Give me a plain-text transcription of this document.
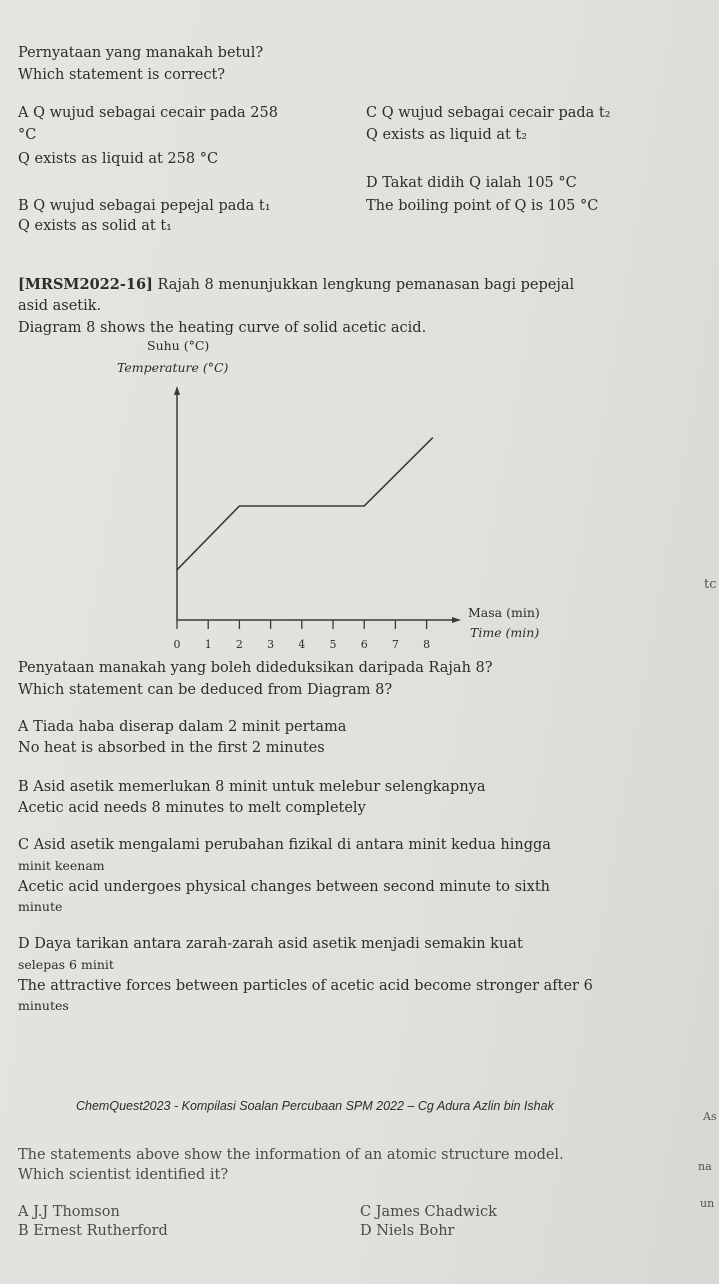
Pernyataan yang manakah betul?
Which statement is correct?
A Q wujud sebagai cecair pada 258
°C
Q exists as liquid at 258 °C
B Q wujud sebagai pepejal pada t₁
Q exists as solid at t₁
C Q wujud sebagai cecair pada t₂
Q exists as liquid at t₂
D Takat didih Q ialah 105 °C
The boiling point of Q is 105 °C
[MRSM2022-16] Rajah 8 menunjukkan lengkung pemanasan bagi pepejal
asid asetik.
Diagram 8 shows the heating curve of solid acetic acid.
Suhu (°C)
Temperature (°C)
0 1 2 3 4 5 6 7 8
Masa (min)
Time (min)
Penyataan manakah yang boleh dideduksikan daripada Rajah 8?
Which statement can be deduced from Diagram 8?
A Tiada haba diserap dalam 2 minit pertama
No heat is absorbed in the first 2 minutes
B Asid asetik memerlukan 8 minit untuk melebur selengkapnya
Acetic acid needs 8 minutes to melt completely
C Asid asetik mengalami perubahan fizikal di antara minit kedua hingga
minit keenam
Acetic acid undergoes physical changes between second minute to sixth
minute
D Daya tarikan antara zarah-zarah asid asetik menjadi semakin kuat
selepas 6 minit
The attractive forces between particles of acetic acid become stronger after 6
minutes
ChemQuest2023 - Kompilasi Soalan Percubaan SPM 2022 – Cg Adura Azlin bin Ishak
The statements above show the information of an atomic structure model.
Which scientist identified it?
A J.J Thomson
B Ernest Rutherford
C James Chadwick
D Niels Bohr
tc
As
na
un
